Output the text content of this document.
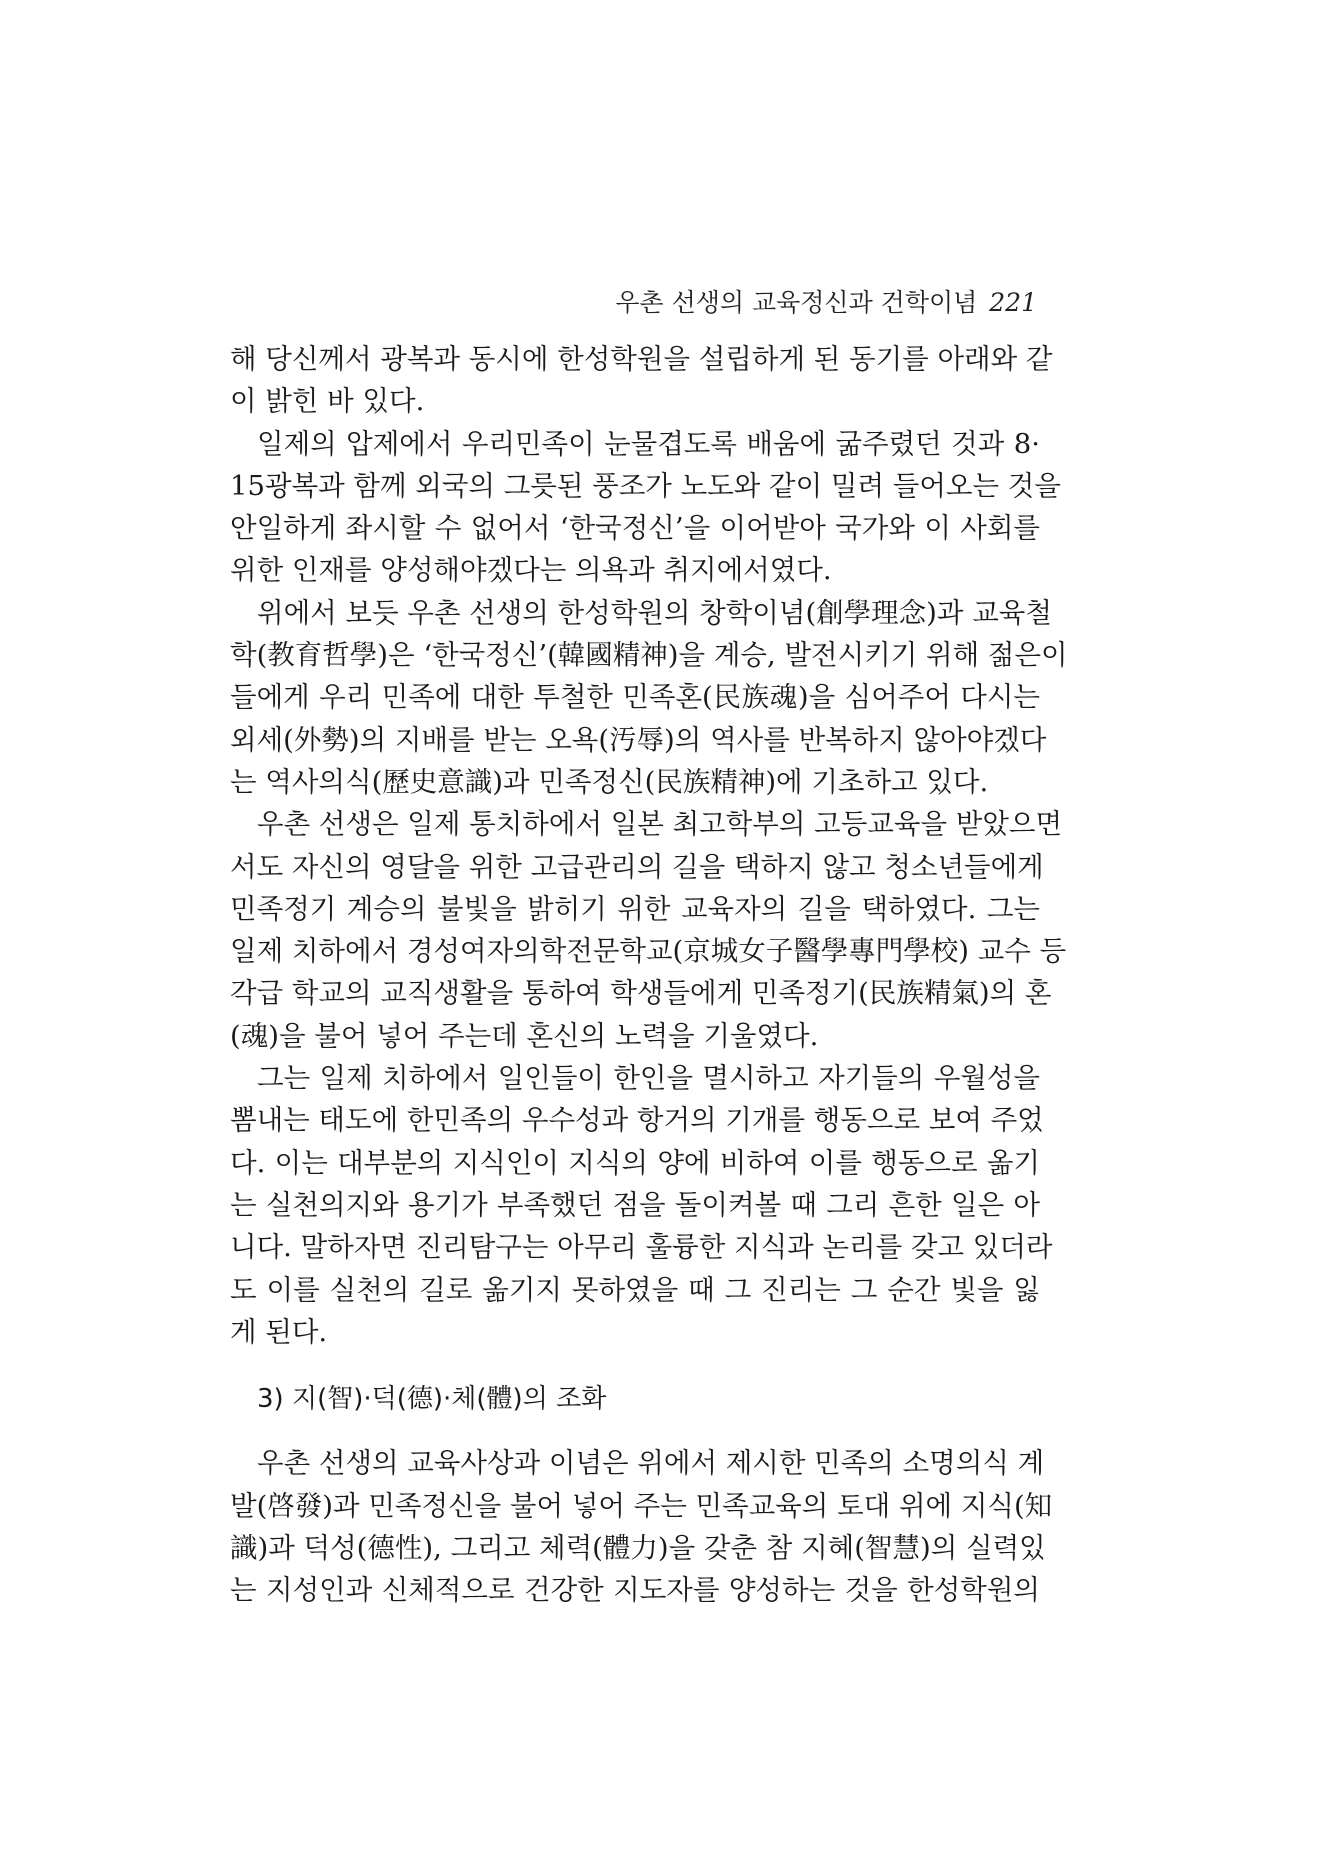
우촌 선생의 교육정신과 건학이념 221
해 당신께서 광복과 동시에 한성학원을 설립하게 된 동기를 아래와 같
이 밝힌 바 있다.
일제의 압제에서 우리민족이 눈물겹도록 배움에 굶주렸던 것과 8·
15광복과 함께 외국의 그릇된 풍조가 노도와 같이 밀려 들어오는 것을
안일하게 좌시할 수 없어서 ‘한국정신’을 이어받아 국가와 이 사회를
위한 인재를 양성해야겠다는 의욕과 취지에서였다.
위에서 보듯 우촌 선생의 한성학원의 창학이념(創學理念)과 교육철
학(教育哲學)은 ‘한국정신’(韓國精神)을 계승, 발전시키기 위해 젊은이
들에게 우리 민족에 대한 투철한 민족혼(民族魂)을 심어주어 다시는
외세(外勢)의 지배를 받는 오욕(汚辱)의 역사를 반복하지 않아야겠다
는 역사의식(歷史意識)과 민족정신(民族精神)에 기초하고 있다.
우촌 선생은 일제 통치하에서 일본 최고학부의 고등교육을 받았으면
서도 자신의 영달을 위한 고급관리의 길을 택하지 않고 청소년들에게
민족정기 계승의 불빛을 밝히기 위한 교육자의 길을 택하였다. 그는
일제 치하에서 경성여자의학전문학교(京城女子醫學專門學校) 교수 등
각급 학교의 교직생활을 통하여 학생들에게 민족정기(民族精氣)의 혼
(魂)을 불어 넣어 주는데 혼신의 노력을 기울였다.
그는 일제 치하에서 일인들이 한인을 멸시하고 자기들의 우월성을
뽐내는 태도에 한민족의 우수성과 항거의 기개를 행동으로 보여 주었
다. 이는 대부분의 지식인이 지식의 양에 비하여 이를 행동으로 옮기
는 실천의지와 용기가 부족했던 점을 돌이켜볼 때 그리 흔한 일은 아
니다. 말하자면 진리탐구는 아무리 훌륭한 지식과 논리를 갖고 있더라
도 이를 실천의 길로 옮기지 못하였을 때 그 진리는 그 순간 빛을 잃
게 된다.
3) 지(智)·덕(德)·체(體)의 조화
우촌 선생의 교육사상과 이념은 위에서 제시한 민족의 소명의식 계
발(啓發)과 민족정신을 불어 넣어 주는 민족교육의 토대 위에 지식(知
識)과 덕성(德性), 그리고 체력(體力)을 갖춘 참 지혜(智慧)의 실력있
는 지성인과 신체적으로 건강한 지도자를 양성하는 것을 한성학원의
